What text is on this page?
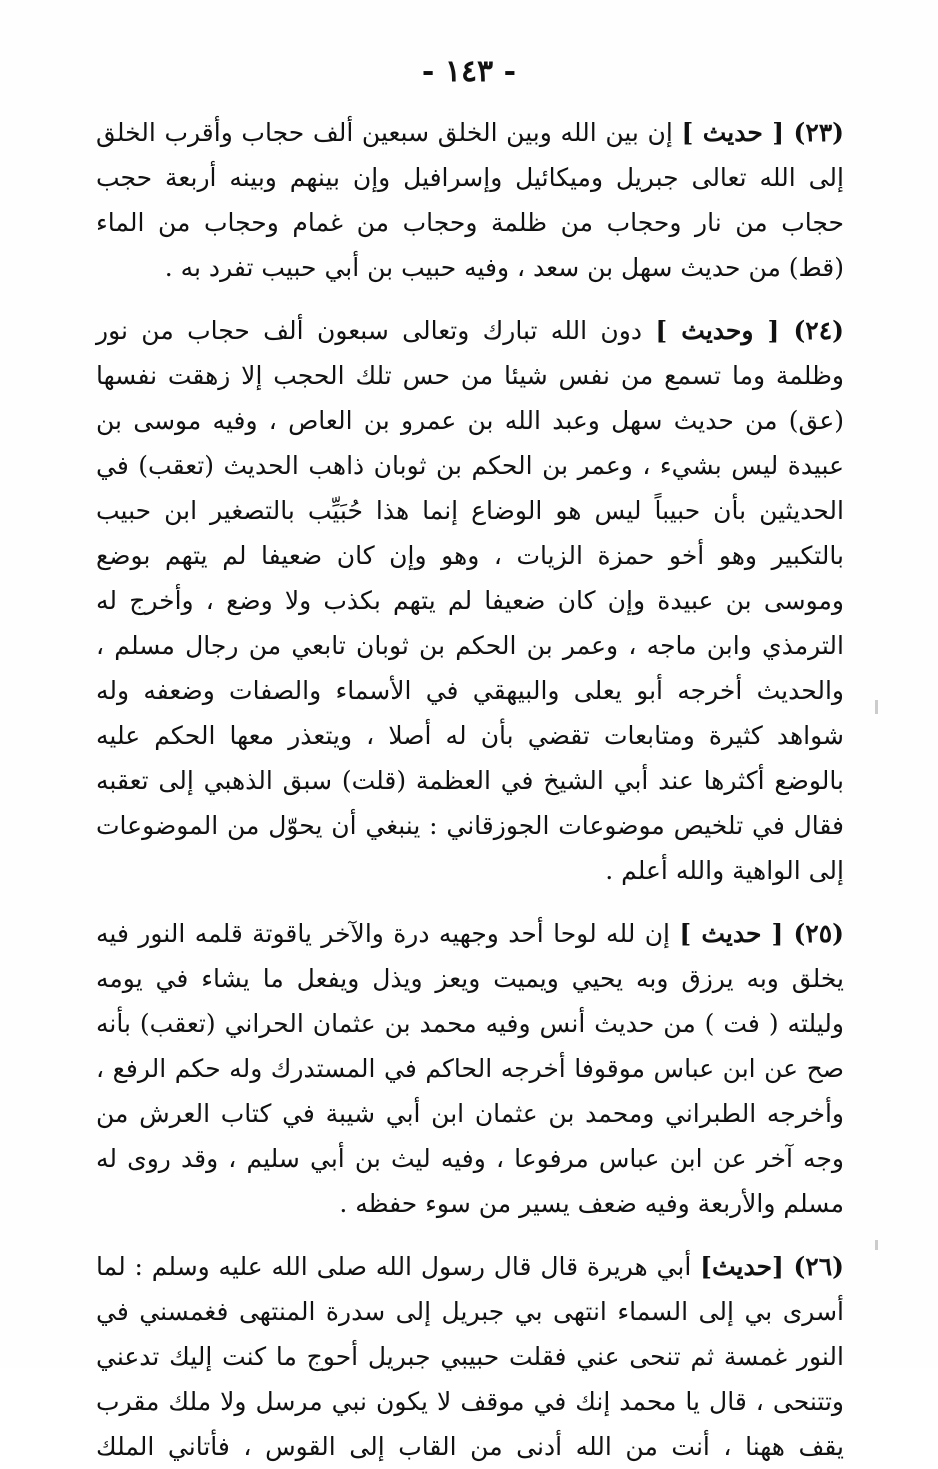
- ١٤٣ -

(٢٣) [ حديث ] إن بين الله وبين الخلق سبعين ألف حجاب وأقرب الخلق إلى الله تعالى جبريل وميكائيل وإسرافيل وإن بينهم وبينه أربعة حجب حجاب من نار وحجاب من ظلمة وحجاب من غمام وحجاب من الماء (قط) من حديث سهل بن سعد ، وفيه حبيب بن أبي حبيب تفرد به .

(٢٤) [ وحديث ] دون الله تبارك وتعالى سبعون ألف حجاب من نور وظلمة وما تسمع من نفس شيئا من حس تلك الحجب إلا زهقت نفسها (عق) من حديث سهل وعبد الله بن عمرو بن العاص ، وفيه موسى بن عبيدة ليس بشيء ، وعمر بن الحكم بن ثوبان ذاهب الحديث (تعقب) في الحديثين بأن حبيباً ليس هو الوضاع إنما هذا حُبَيِّب بالتصغير ابن حبيب بالتكبير وهو أخو حمزة الزيات ، وهو وإن كان ضعيفا لم يتهم بوضع وموسى بن عبيدة وإن كان ضعيفا لم يتهم بكذب ولا وضع ، وأخرج له الترمذي وابن ماجه ، وعمر بن الحكم بن ثوبان تابعي من رجال مسلم ، والحديث أخرجه أبو يعلى والبيهقي في الأسماء والصفات وضعفه وله شواهد كثيرة ومتابعات تقضي بأن له أصلا ، ويتعذر معها الحكم عليه بالوضع أكثرها عند أبي الشيخ في العظمة (قلت) سبق الذهبي إلى تعقبه فقال في تلخيص موضوعات الجوزقاني : ينبغي أن يحوّل من الموضوعات إلى الواهية والله أعلم .

(٢٥) [ حديث ] إن لله لوحا أحد وجهيه درة والآخر ياقوتة قلمه النور فيه يخلق وبه يرزق وبه يحيي ويميت ويعز ويذل ويفعل ما يشاء في يومه وليلته ( فت ) من حديث أنس وفيه محمد بن عثمان الحراني (تعقب) بأنه صح عن ابن عباس موقوفا أخرجه الحاكم في المستدرك وله حكم الرفع ، وأخرجه الطبراني ومحمد بن عثمان ابن أبي شيبة في كتاب العرش من وجه آخر عن ابن عباس مرفوعا ، وفيه ليث بن أبي سليم ، وقد روى له مسلم والأربعة وفيه ضعف يسير من سوء حفظه .

(٢٦) [حديث] أبي هريرة قال قال رسول الله صلى الله عليه وسلم : لما أسرى بي إلى السماء انتهى بي جبريل إلى سدرة المنتهى فغمسني في النور غمسة ثم تنحى عني فقلت حبيبي جبريل أحوج ما كنت إليك تدعني وتتنحى ، قال يا محمد إنك في موقف لا يكون نبي مرسل ولا ملك مقرب يقف ههنا ، أنت من الله أدنى من القاب إلى القوس ، فأتاني الملك
